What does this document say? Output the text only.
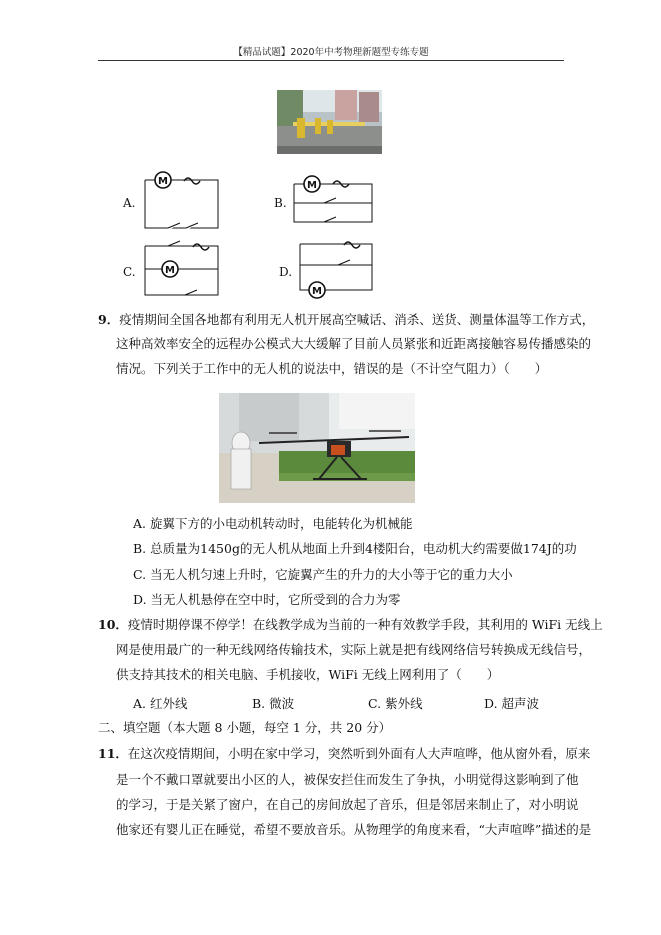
【精品试题】2020年中考物理新题型专练专题
A.	B.
C.	D.
M	M
M
M
9．疫情期间全国各地都有利用无人机开展高空喊话、消杀、送货、测量体温等工作方式，
这种高效率安全的远程办公模式大大缓解了目前人员紧张和近距离接触容易传播感染的
情况。下列关于工作中的无人机的说法中，错误的是（不计空气阻力）（　　）
A. 旋翼下方的小电动机转动时，电能转化为机械能
B. 总质量为1450g的无人机从地面上升到4楼阳台，电动机大约需要做174J的功
C. 当无人机匀速上升时，它旋翼产生的升力的大小等于它的重力大小
D. 当无人机悬停在空中时，它所受到的合力为零
10．疫情时期停课不停学！在线教学成为当前的一种有效教学手段，其利用的 WiFi 无线上
网是使用最广的一种无线网络传输技术，实际上就是把有线网络信号转换成无线信号，
供支持其技术的相关电脑、手机接收，WiFi 无线上网利用了（　　）
A. 红外线	B. 微波	C. 紫外线	D. 超声波
二、填空题（本大题 8 小题，每空 1 分，共 20 分）
11．在这次疫情期间，小明在家中学习，突然听到外面有人大声喧哗，他从窗外看，原来
是一个不戴口罩就要出小区的人，被保安拦住而发生了争执，小明觉得这影响到了他
的学习，于是关紧了窗户，在自己的房间放起了音乐，但是邻居来制止了，对小明说
他家还有婴儿正在睡觉，希望不要放音乐。从物理学的角度来看，“大声喧哗”描述的是
